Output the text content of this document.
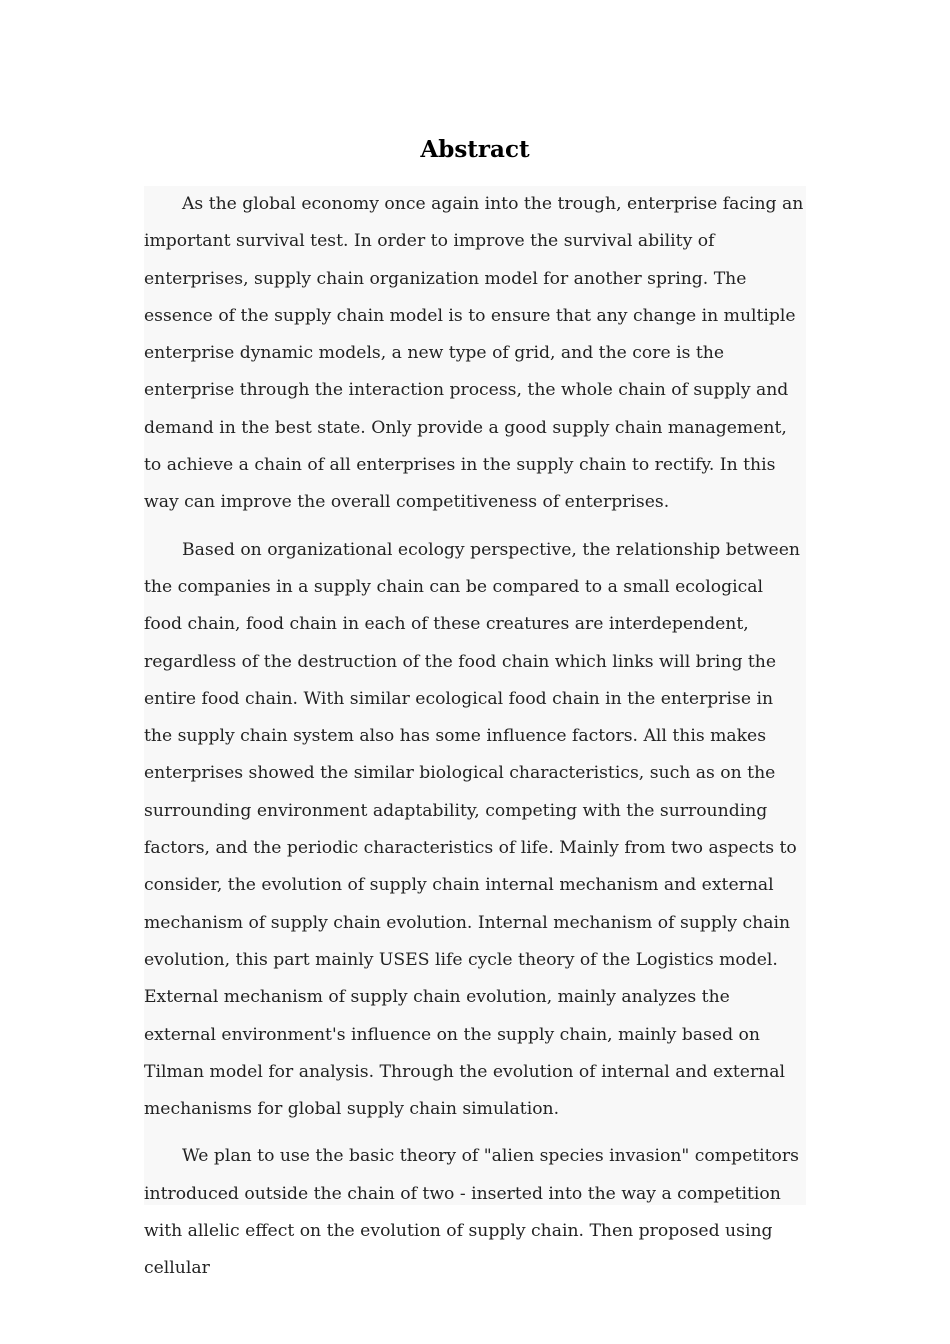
Abstract

As the global economy once again into the trough, enterprise facing an important survival test. In order to improve the survival ability of enterprises, supply chain organization model for another spring. The essence of the supply chain model is to ensure that any change in multiple enterprise dynamic models, a new type of grid, and the core is the enterprise through the interaction process, the whole chain of supply and demand in the best state. Only provide a good supply chain management, to achieve a chain of all enterprises in the supply chain to rectify. In this way can improve the overall competitiveness of enterprises.

Based on organizational ecology perspective, the relationship between the companies in a supply chain can be compared to a small ecological food chain, food chain in each of these creatures are interdependent, regardless of the destruction of the food chain which links will bring the entire food chain. With similar ecological food chain in the enterprise in the supply chain system also has some influence factors. All this makes enterprises showed the similar biological characteristics, such as on the surrounding environment adaptability, competing with the surrounding factors, and the periodic characteristics of life. Mainly from two aspects to consider, the evolution of supply chain internal mechanism and external mechanism of supply chain evolution. Internal mechanism of supply chain evolution, this part mainly USES life cycle theory of the Logistics model. External mechanism of supply chain evolution, mainly analyzes the external environment's influence on the supply chain, mainly based on Tilman model for analysis. Through the evolution of internal and external mechanisms for global supply chain simulation.

We plan to use the basic theory of "alien species invasion" competitors introduced outside the chain of two - inserted into the way a competition with allelic effect on the evolution of supply chain. Then proposed using cellular
